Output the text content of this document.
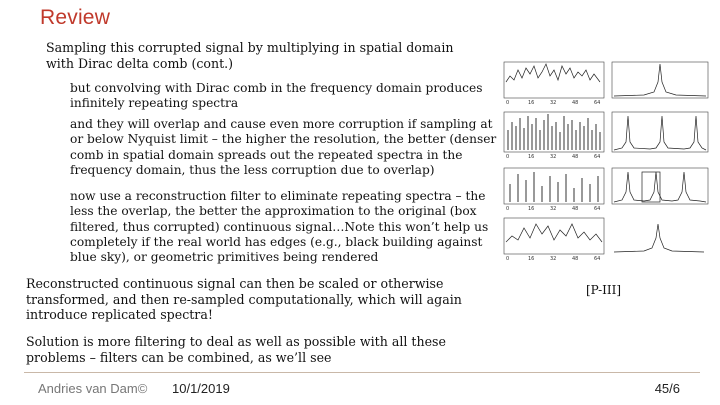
Review
Sampling this corrupted signal by multiplying in spatial domain with Dirac delta comb (cont.)
but convolving with Dirac comb in the frequency domain produces infinitely repeating spectra
and they will overlap and cause even more corruption if sampling at or below Nyquist limit – the higher the resolution, the better (denser comb in spatial domain spreads out the repeated spectra in the frequency domain, thus the less corruption due to overlap)
now use a reconstruction filter to eliminate repeating spectra – the less the overlap, the better the approximation to the original (box filtered, thus corrupted) continuous signal…Note this won’t help us completely if the real world has edges (e.g., black building against blue sky), or geometric primitives being rendered
Reconstructed continuous signal can then be scaled or otherwise transformed, and then re-sampled computationally, which will again introduce replicated spectra!
Solution is more filtering to deal as well as possible with all these problems – filters can be combined, as we’ll see
0	16	32	48	64
0	16	32	48	64
0	16	32	48	64
0	16	32	48	64
[P-III]
Andries van Dam© 10/1/2019	45/6
